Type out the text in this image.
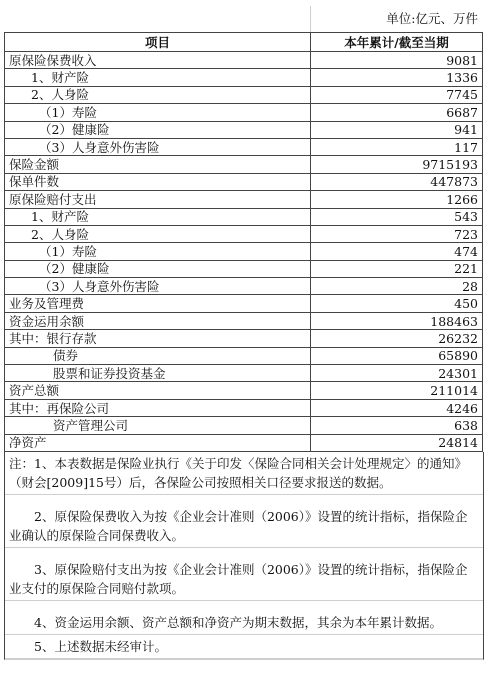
单位:亿元、万件
项目	本年累计/截至当期
原保险保费收入	9081
1、财产险	1336
2、人身险	7745
（1）寿险	6687
（2）健康险	941
（3）人身意外伤害险	117
保险金额	9715193
保单件数	447873
原保险赔付支出	1266
1、财产险	543
2、人身险	723
（1）寿险	474
（2）健康险	221
（3）人身意外伤害险	28
业务及管理费	450
资金运用余额	188463
其中：银行存款	26232
债券	65890
股票和证券投资基金	24301
资产总额	211014
其中：再保险公司	4246
资产管理公司	638
净资产	24814
注：1、本表数据是保险业执行《关于印发〈保险合同相关会计处理规定〉的通知》（财会[2009]15号）后，各保险公司按照相关口径要求报送的数据。
2、原保险保费收入为按《企业会计准则（2006）》设置的统计指标，指保险企业确认的原保险合同保费收入。
3、原保险赔付支出为按《企业会计准则（2006）》设置的统计指标，指保险企业支付的原保险合同赔付款项。
4、资金运用余额、资产总额和净资产为期末数据，其余为本年累计数据。
5、上述数据未经审计。
